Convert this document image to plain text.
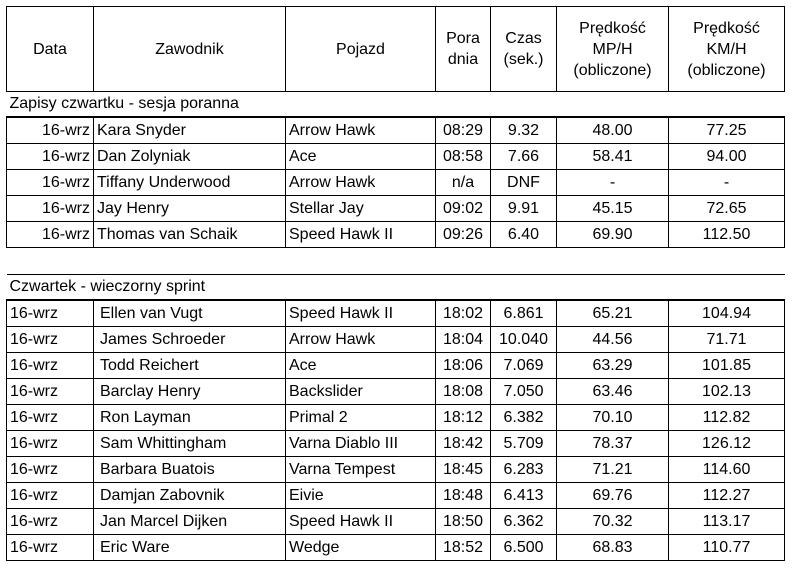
Data	Zawodnik	Pojazd	Pora dnia	Czas (sek.)	Prędkość MP/H (obliczone)	Prędkość KM/H (obliczone)
Zapisy czwartku - sesja poranna						
16-wrz	Kara Snyder	Arrow Hawk	08:29	9.32	48.00	77.25
16-wrz	Dan Zolyniak	Ace	08:58	7.66	58.41	94.00
16-wrz	Tiffany Underwood	Arrow Hawk	n/a	DNF	-	-
16-wrz	Jay Henry	Stellar Jay	09:02	9.91	45.15	72.65
16-wrz	Thomas van Schaik	Speed Hawk II	09:26	6.40	69.90	112.50

Czwartek - wieczorny sprint						
16-wrz	Ellen van Vugt	Speed Hawk II	18:02	6.861	65.21	104.94
16-wrz	James Schroeder	Arrow Hawk	18:04	10.040	44.56	71.71
16-wrz	Todd Reichert	Ace	18:06	7.069	63.29	101.85
16-wrz	Barclay Henry	Backslider	18:08	7.050	63.46	102.13
16-wrz	Ron Layman	Primal 2	18:12	6.382	70.10	112.82
16-wrz	Sam Whittingham	Varna Diablo III	18:42	5.709	78.37	126.12
16-wrz	Barbara Buatois	Varna Tempest	18:45	6.283	71.21	114.60
16-wrz	Damjan Zabovnik	Eivie	18:48	6.413	69.76	112.27
16-wrz	Jan Marcel Dijken	Speed Hawk II	18:50	6.362	70.32	113.17
16-wrz	Eric Ware	Wedge	18:52	6.500	68.83	110.77
